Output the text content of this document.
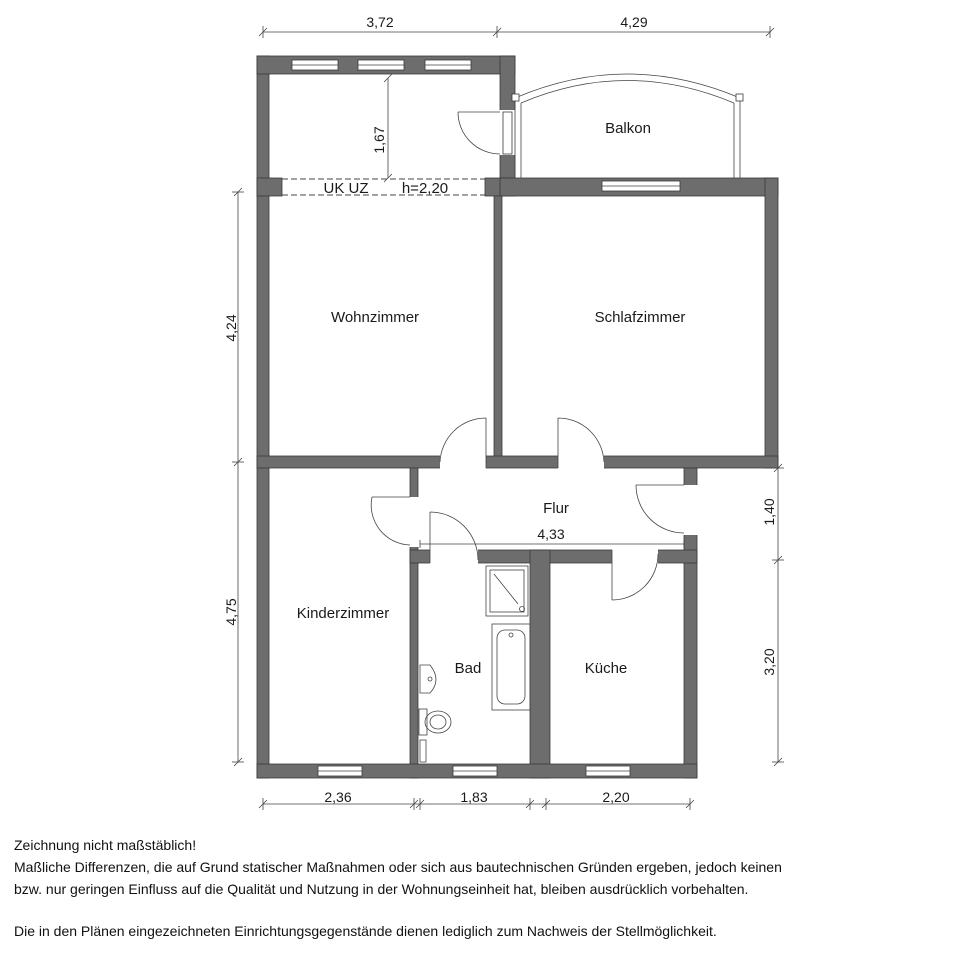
Balkon
Wohnzimmer	Schlafzimmer
Flur
Kinderzimmer
Bad	Küche
UK UZ h=2,20
3,72	4,29
4,24
4,75
1,67
4,33
1,40
3,20
2,36	1,83	2,20

Zeichnung nicht maßstäblich!

Maßliche Differenzen, die auf Grund statischer Maßnahmen oder sich aus bautechnischen Gründen ergeben, jedoch keinen

bzw. nur geringen Einfluss auf die Qualität und Nutzung in der Wohnungseinheit hat, bleiben ausdrücklich vorbehalten.

Die in den Plänen eingezeichneten Einrichtungsgegenstände dienen lediglich zum Nachweis der Stellmöglichkeit.
